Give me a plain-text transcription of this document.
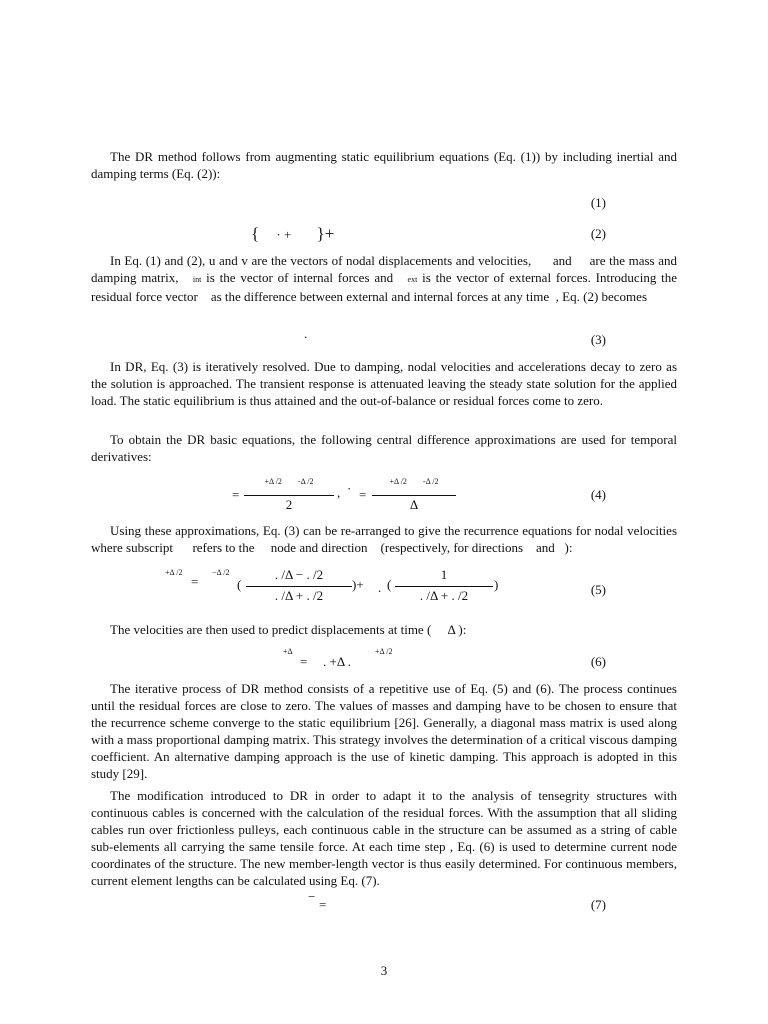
The DR method follows from augmenting static equilibrium equations (Eq. (1)) by including inertial and damping terms (Eq. (2)):

(1)
{ · + }+	(2)

In Eq. (1) and (2), u and v are the vectors of nodal displacements and velocities, and are the mass and damping matrix, int is the vector of internal forces and ext is the vector of external forces. Introducing the residual force vector as the difference between external and internal forces at any time , Eq. (2) becomes

.	(3)

In DR, Eq. (3) is iteratively resolved. Due to damping, nodal velocities and accelerations decay to zero as the solution is approached. The transient response is attenuated leaving the steady state solution for the applied load. The static equilibrium is thus attained and the out-of-balance or residual forces come to zero.

To obtain the DR basic equations, the following central difference approximations are used for temporal derivatives:

=
+Δ /2 -Δ /2
2
, · =
+Δ /2 -Δ /2
Δ
(4)

Using these approximations, Eq. (3) can be re-arranged to give the recurrence equations for nodal velocities where subscript refers to the node and direction (respectively, for directions and ):

+Δ /2
=
−Δ /2
(
. /Δ − . /2
. /Δ + . /2
)+ . (
1
. /Δ + . /2
)	(5)

The velocities are then used to predict displacements at time ( Δ ):

+Δ
= . +Δ .
+Δ /2
(6)

The iterative process of DR method consists of a repetitive use of Eq. (5) and (6). The process continues until the residual forces are close to zero. The values of masses and damping have to be chosen to ensure that the recurrence scheme converge to the static equilibrium [26]. Generally, a diagonal mass matrix is used along with a mass proportional damping matrix. This strategy involves the determination of a critical viscous damping coefficient. An alternative damping approach is the use of kinetic damping. This approach is adopted in this study [29].

The modification introduced to DR in order to adapt it to the analysis of tensegrity structures with continuous cables is concerned with the calculation of the residual forces. With the assumption that all sliding cables run over frictionless pulleys, each continuous cable in the structure can be assumed as a string of cable sub-elements all carrying the same tensile force. At each time step , Eq. (6) is used to determine current node coordinates of the structure. The new member-length vector is thus easily determined. For continuous members, current element lengths can be calculated using Eq. (7).

−
=	(7)
3
